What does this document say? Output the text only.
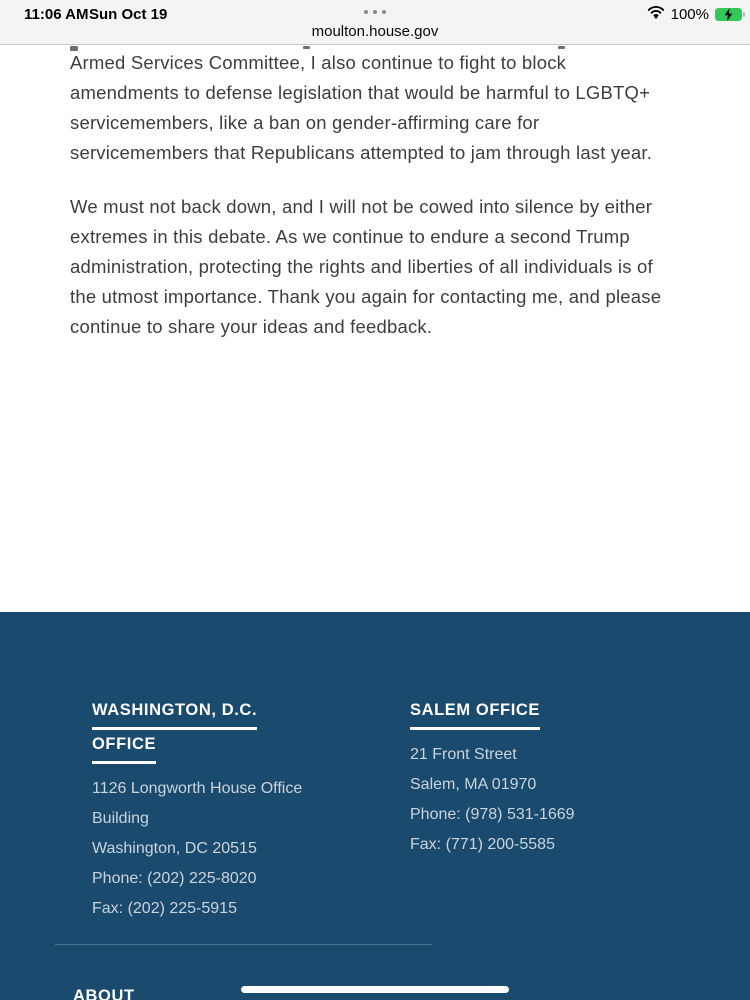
11:06 AM Sun Oct 19
moulton.house.gov
100%
Armed Services Committee, I also continue to fight to block
amendments to defense legislation that would be harmful to LGBTQ+
servicemembers, like a ban on gender-affirming care for
servicemembers that Republicans attempted to jam through last year.
We must not back down, and I will not be cowed into silence by either
extremes in this debate. As we continue to endure a second Trump
administration, protecting the rights and liberties of all individuals is of
the utmost importance. Thank you again for contacting me, and please
continue to share your ideas and feedback.
WASHINGTON, D.C.
OFFICE
1126 Longworth House Office
Building
Washington, DC 20515
Phone: (202) 225-8020
Fax: (202) 225-5915
SALEM OFFICE
21 Front Street
Salem, MA 01970
Phone: (978) 531-1669
Fax: (771) 200-5585
ABOUT
